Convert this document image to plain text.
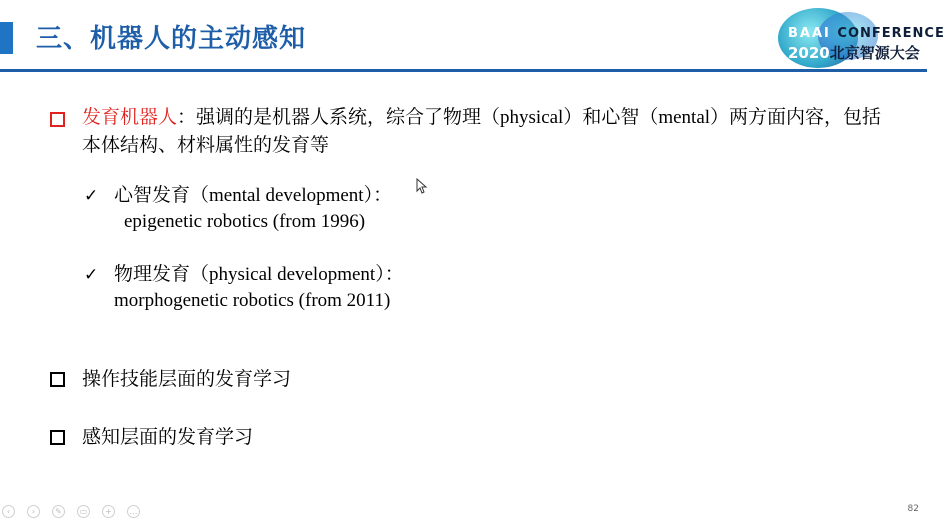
三、机器人的主动感知	BAAI CONFERENCE
2020北京智源大会
发育机器人：强调的是机器人系统，综合了物理（physical）和心智（mental）两方面内容，包括本体结构、材料属性的发育等
✓ 心智发育（mental development）：
epigenetic robotics (from 1996)
✓ 物理发育（physical development）：
morphogenetic robotics (from 2011)
操作技能层面的发育学习
感知层面的发育学习
‹	›	✎	▭	+	…	82
